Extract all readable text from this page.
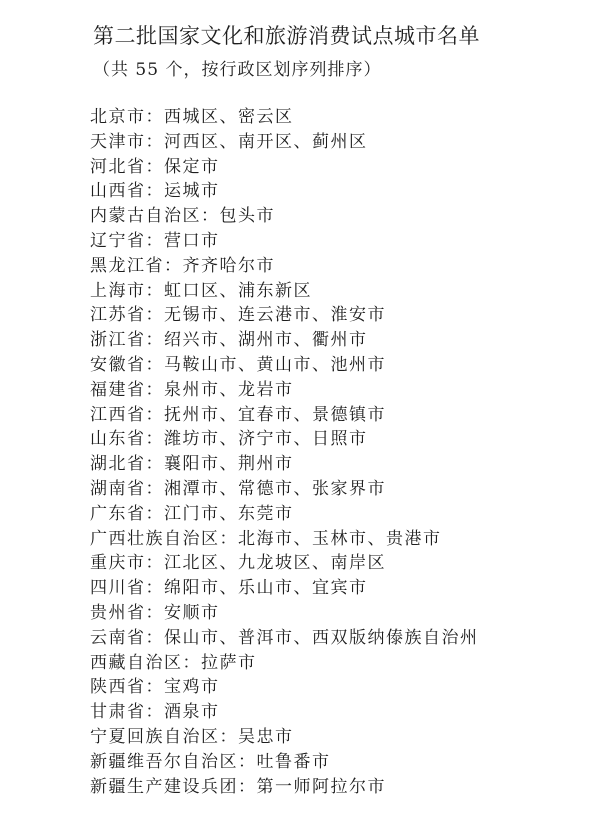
第二批国家文化和旅游消费试点城市名单
（共 55 个，按行政区划序列排序）
北京市：西城区、密云区
天津市：河西区、南开区、蓟州区
河北省：保定市
山西省：运城市
内蒙古自治区：包头市
辽宁省：营口市
黑龙江省：齐齐哈尔市
上海市：虹口区、浦东新区
江苏省：无锡市、连云港市、淮安市
浙江省：绍兴市、湖州市、衢州市
安徽省：马鞍山市、黄山市、池州市
福建省：泉州市、龙岩市
江西省：抚州市、宜春市、景德镇市
山东省：潍坊市、济宁市、日照市
湖北省：襄阳市、荆州市
湖南省：湘潭市、常德市、张家界市
广东省：江门市、东莞市
广西壮族自治区：北海市、玉林市、贵港市
重庆市：江北区、九龙坡区、南岸区
四川省：绵阳市、乐山市、宜宾市
贵州省：安顺市
云南省：保山市、普洱市、西双版纳傣族自治州
西藏自治区：拉萨市
陕西省：宝鸡市
甘肃省：酒泉市
宁夏回族自治区：吴忠市
新疆维吾尔自治区：吐鲁番市
新疆生产建设兵团：第一师阿拉尔市
